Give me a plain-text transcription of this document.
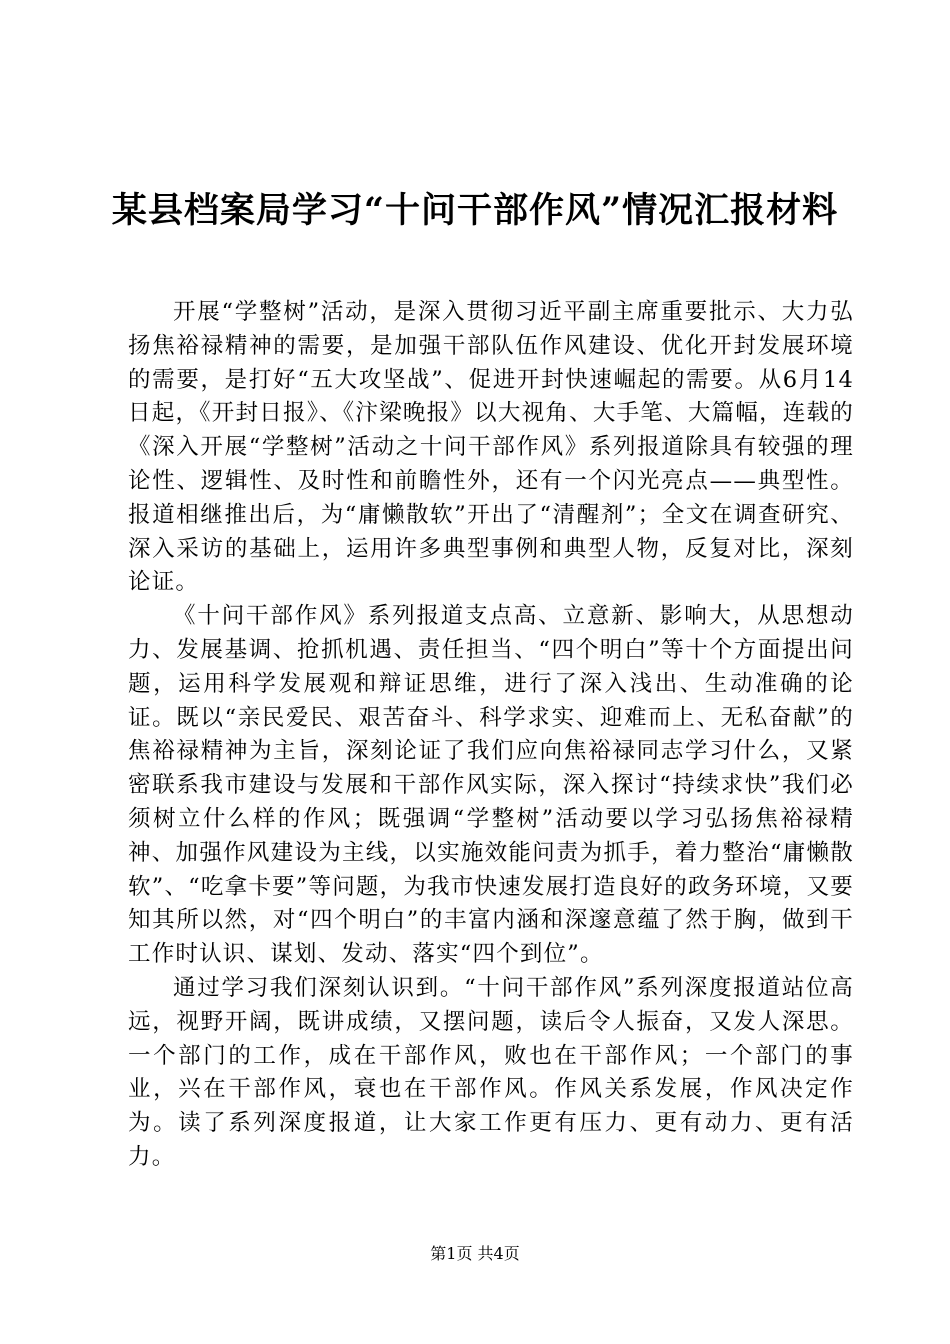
某县档案局学习“十问干部作风”情况汇报材料

开展“学整树”活动，是深入贯彻习近平副主席重要批示、大力弘扬焦裕禄精神的需要，是加强干部队伍作风建设、优化开封发展环境的需要，是打好“五大攻坚战”、促进开封快速崛起的需要。从6月14日起，《开封日报》、《汴梁晚报》以大视角、大手笔、大篇幅，连载的《深入开展“学整树”活动之十问干部作风》系列报道除具有较强的理论性、逻辑性、及时性和前瞻性外，还有一个闪光亮点——典型性。报道相继推出后，为“庸懒散软”开出了“清醒剂”；全文在调查研究、深入采访的基础上，运用许多典型事例和典型人物，反复对比，深刻论证。

《十问干部作风》系列报道支点高、立意新、影响大，从思想动力、发展基调、抢抓机遇、责任担当、“四个明白”等十个方面提出问题，运用科学发展观和辩证思维，进行了深入浅出、生动准确的论证。既以“亲民爱民、艰苦奋斗、科学求实、迎难而上、无私奋献”的焦裕禄精神为主旨，深刻论证了我们应向焦裕禄同志学习什么，又紧密联系我市建设与发展和干部作风实际，深入探讨“持续求快”我们必须树立什么样的作风；既强调“学整树”活动要以学习弘扬焦裕禄精神、加强作风建设为主线，以实施效能问责为抓手，着力整治“庸懒散软”、“吃拿卡要”等问题，为我市快速发展打造良好的政务环境，又要知其所以然，对“四个明白”的丰富内涵和深邃意蕴了然于胸，做到干工作时认识、谋划、发动、落实“四个到位”。

通过学习我们深刻认识到。“十问干部作风”系列深度报道站位高远，视野开阔，既讲成绩，又摆问题，读后令人振奋，又发人深思。一个部门的工作，成在干部作风，败也在干部作风；一个部门的事业，兴在干部作风，衰也在干部作风。作风关系发展，作风决定作为。读了系列深度报道，让大家工作更有压力、更有动力、更有活力。

第1页 共4页
